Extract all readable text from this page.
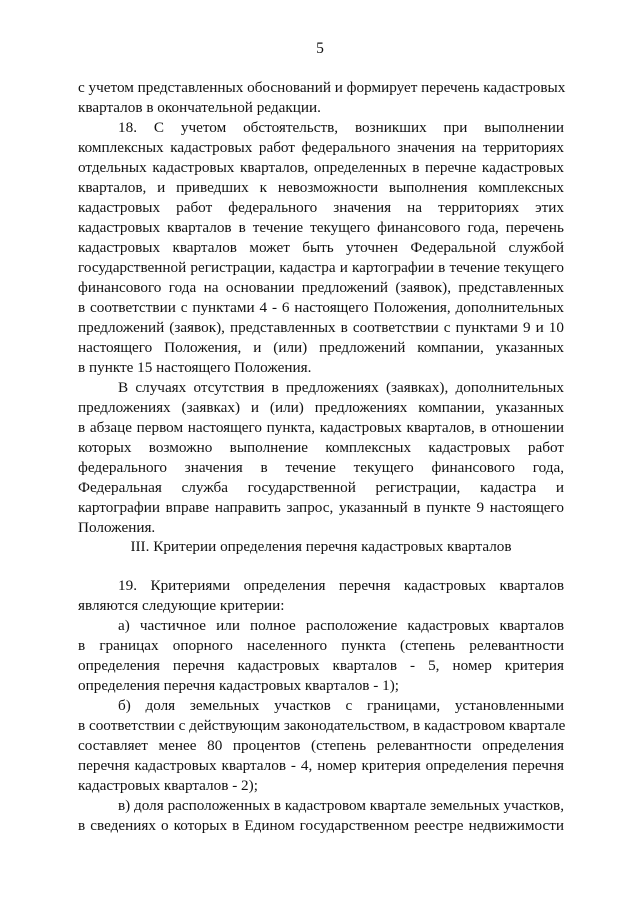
5
с учетом представленных обоснований и формирует перечень кадастровых
кварталов в окончательной редакции.
18. С учетом обстоятельств, возникших при выполнении
комплексных кадастровых работ федерального значения на территориях
отдельных кадастровых кварталов, определенных в перечне кадастровых
кварталов, и приведших к невозможности выполнения комплексных
кадастровых работ федерального значения на территориях этих
кадастровых кварталов в течение текущего финансового года, перечень
кадастровых кварталов может быть уточнен Федеральной службой
государственной регистрации, кадастра и картографии в течение текущего
финансового года на основании предложений (заявок), представленных
в соответствии с пунктами 4 - 6 настоящего Положения, дополнительных
предложений (заявок), представленных в соответствии с пунктами 9 и 10
настоящего Положения, и (или) предложений компании, указанных
в пункте 15 настоящего Положения.
В случаях отсутствия в предложениях (заявках), дополнительных
предложениях (заявках) и (или) предложениях компании, указанных
в абзаце первом настоящего пункта, кадастровых кварталов, в отношении
которых возможно выполнение комплексных кадастровых работ
федерального значения в течение текущего финансового года,
Федеральная служба государственной регистрации, кадастра и
картографии вправе направить запрос, указанный в пункте 9 настоящего
Положения.
III. Критерии определения перечня кадастровых кварталов
19. Критериями определения перечня кадастровых кварталов
являются следующие критерии:
а) частичное или полное расположение кадастровых кварталов
в границах опорного населенного пункта (степень релевантности
определения перечня кадастровых кварталов - 5, номер критерия
определения перечня кадастровых кварталов - 1);
б) доля земельных участков с границами, установленными
в соответствии с действующим законодательством, в кадастровом квартале
составляет менее 80 процентов (степень релевантности определения
перечня кадастровых кварталов - 4, номер критерия определения перечня
кадастровых кварталов - 2);
в) доля расположенных в кадастровом квартале земельных участков,
в сведениях о которых в Едином государственном реестре недвижимости
